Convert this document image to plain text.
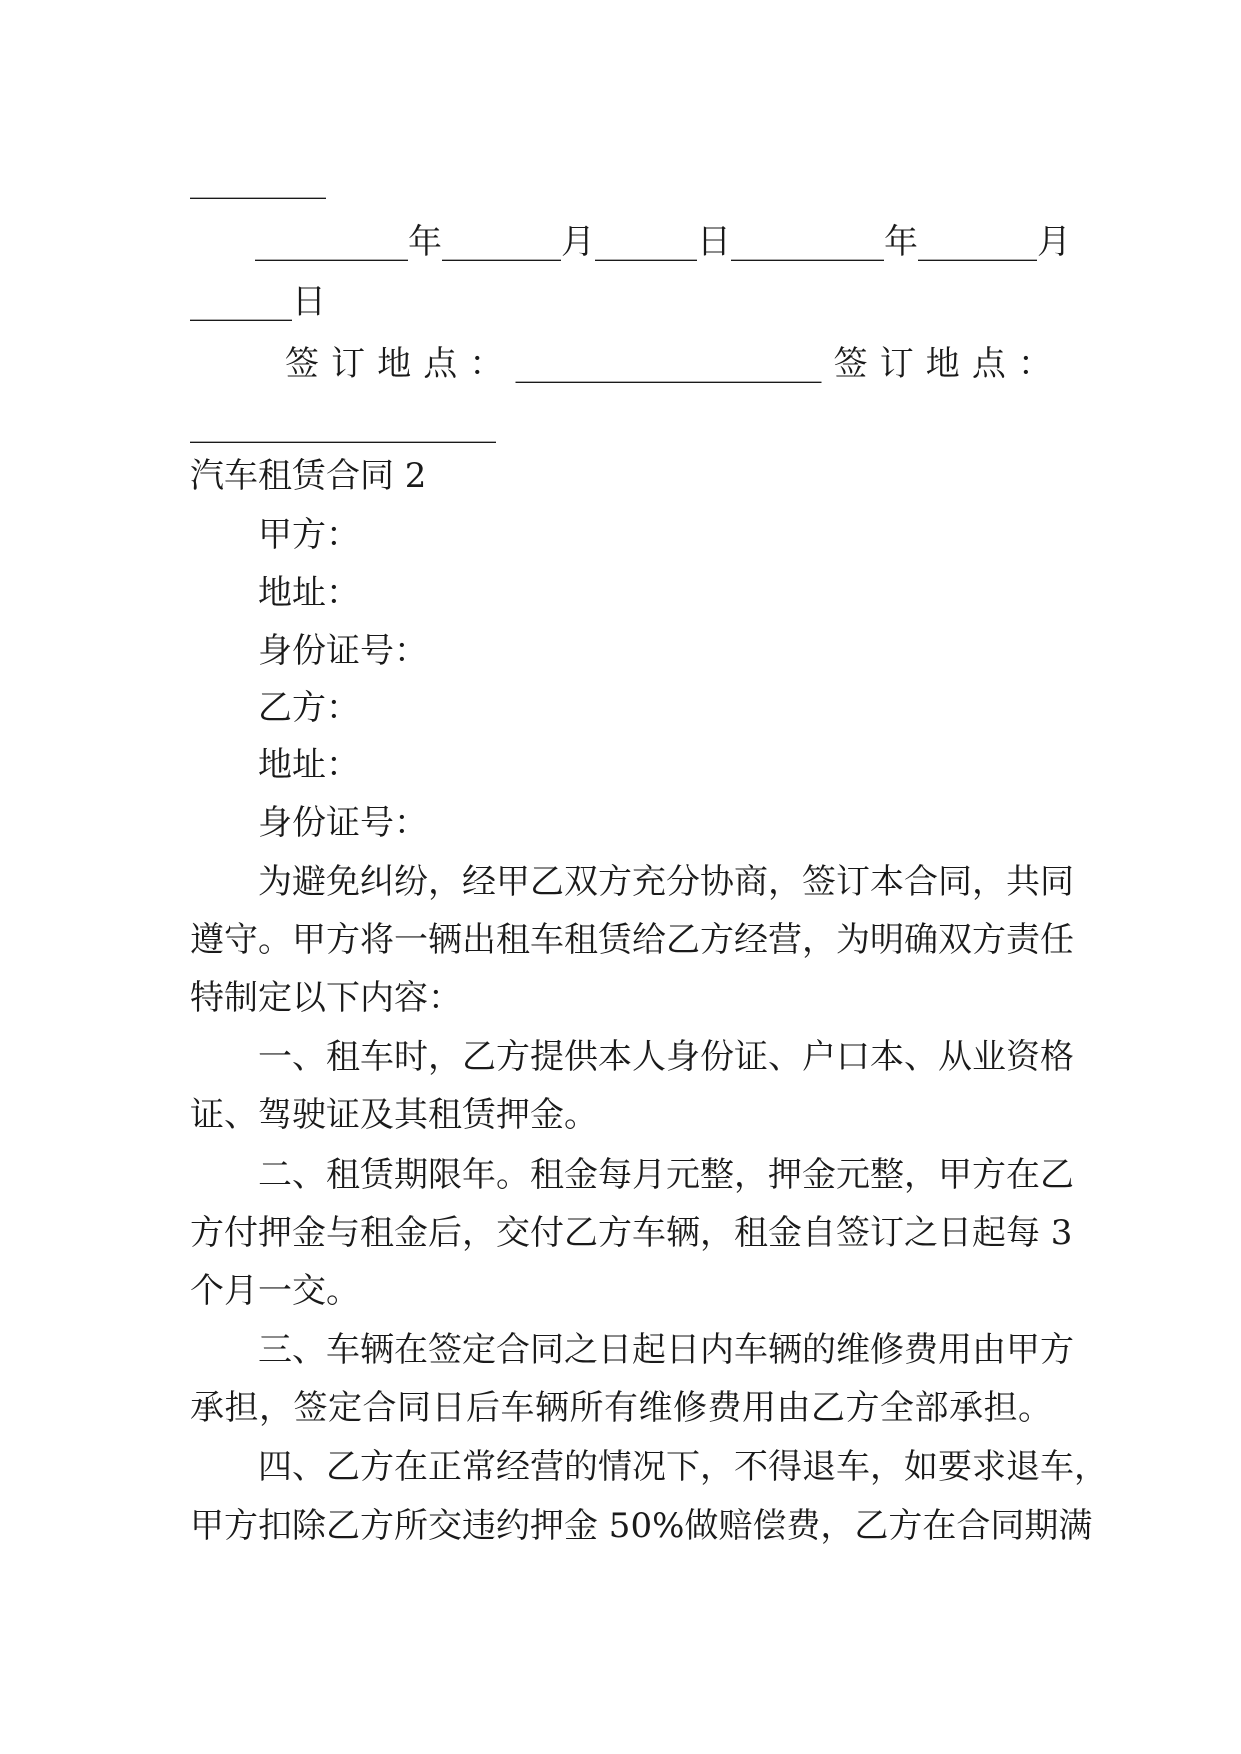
________
_________年_______月______日_________年_______月
______日
签订地点：__________________签订地点：
__________________
汽车租赁合同 2
甲方：
地址：
身份证号：
乙方：
地址：
身份证号：
为避免纠纷，经甲乙双方充分协商，签订本合同，共同
遵守。甲方将一辆出租车租赁给乙方经营，为明确双方责任
特制定以下内容：
一、租车时，乙方提供本人身份证、户口本、从业资格
证、驾驶证及其租赁押金。
二、租赁期限年。租金每月元整，押金元整，甲方在乙
方付押金与租金后，交付乙方车辆，租金自签订之日起每 3
个月一交。
三、车辆在签定合同之日起日内车辆的维修费用由甲方
承担，签定合同日后车辆所有维修费用由乙方全部承担。
四、乙方在正常经营的情况下，不得退车，如要求退车，
甲方扣除乙方所交违约押金 50%做赔偿费，乙方在合同期满
